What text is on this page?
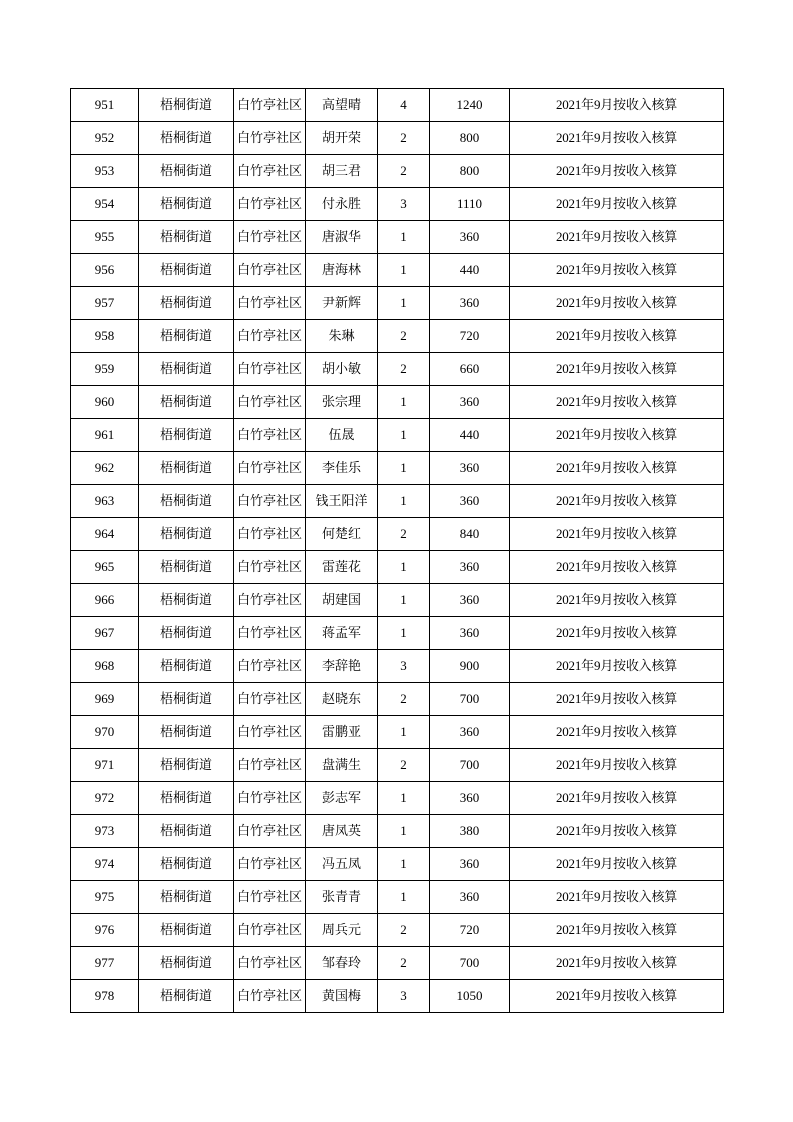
951	梧桐街道	白竹亭社区	高望晴	4	1240	2021年9月按收入核算
952	梧桐街道	白竹亭社区	胡开荣	2	800	2021年9月按收入核算
953	梧桐街道	白竹亭社区	胡三君	2	800	2021年9月按收入核算
954	梧桐街道	白竹亭社区	付永胜	3	1110	2021年9月按收入核算
955	梧桐街道	白竹亭社区	唐淑华	1	360	2021年9月按收入核算
956	梧桐街道	白竹亭社区	唐海林	1	440	2021年9月按收入核算
957	梧桐街道	白竹亭社区	尹新辉	1	360	2021年9月按收入核算
958	梧桐街道	白竹亭社区	朱琳	2	720	2021年9月按收入核算
959	梧桐街道	白竹亭社区	胡小敏	2	660	2021年9月按收入核算
960	梧桐街道	白竹亭社区	张宗理	1	360	2021年9月按收入核算
961	梧桐街道	白竹亭社区	伍晟	1	440	2021年9月按收入核算
962	梧桐街道	白竹亭社区	李佳乐	1	360	2021年9月按收入核算
963	梧桐街道	白竹亭社区	钱王阳洋	1	360	2021年9月按收入核算
964	梧桐街道	白竹亭社区	何楚红	2	840	2021年9月按收入核算
965	梧桐街道	白竹亭社区	雷莲花	1	360	2021年9月按收入核算
966	梧桐街道	白竹亭社区	胡建国	1	360	2021年9月按收入核算
967	梧桐街道	白竹亭社区	蒋孟军	1	360	2021年9月按收入核算
968	梧桐街道	白竹亭社区	李辞艳	3	900	2021年9月按收入核算
969	梧桐街道	白竹亭社区	赵晓东	2	700	2021年9月按收入核算
970	梧桐街道	白竹亭社区	雷鹏亚	1	360	2021年9月按收入核算
971	梧桐街道	白竹亭社区	盘满生	2	700	2021年9月按收入核算
972	梧桐街道	白竹亭社区	彭志军	1	360	2021年9月按收入核算
973	梧桐街道	白竹亭社区	唐凤英	1	380	2021年9月按收入核算
974	梧桐街道	白竹亭社区	冯五凤	1	360	2021年9月按收入核算
975	梧桐街道	白竹亭社区	张青青	1	360	2021年9月按收入核算
976	梧桐街道	白竹亭社区	周兵元	2	720	2021年9月按收入核算
977	梧桐街道	白竹亭社区	邹春玲	2	700	2021年9月按收入核算
978	梧桐街道	白竹亭社区	黄国梅	3	1050	2021年9月按收入核算
